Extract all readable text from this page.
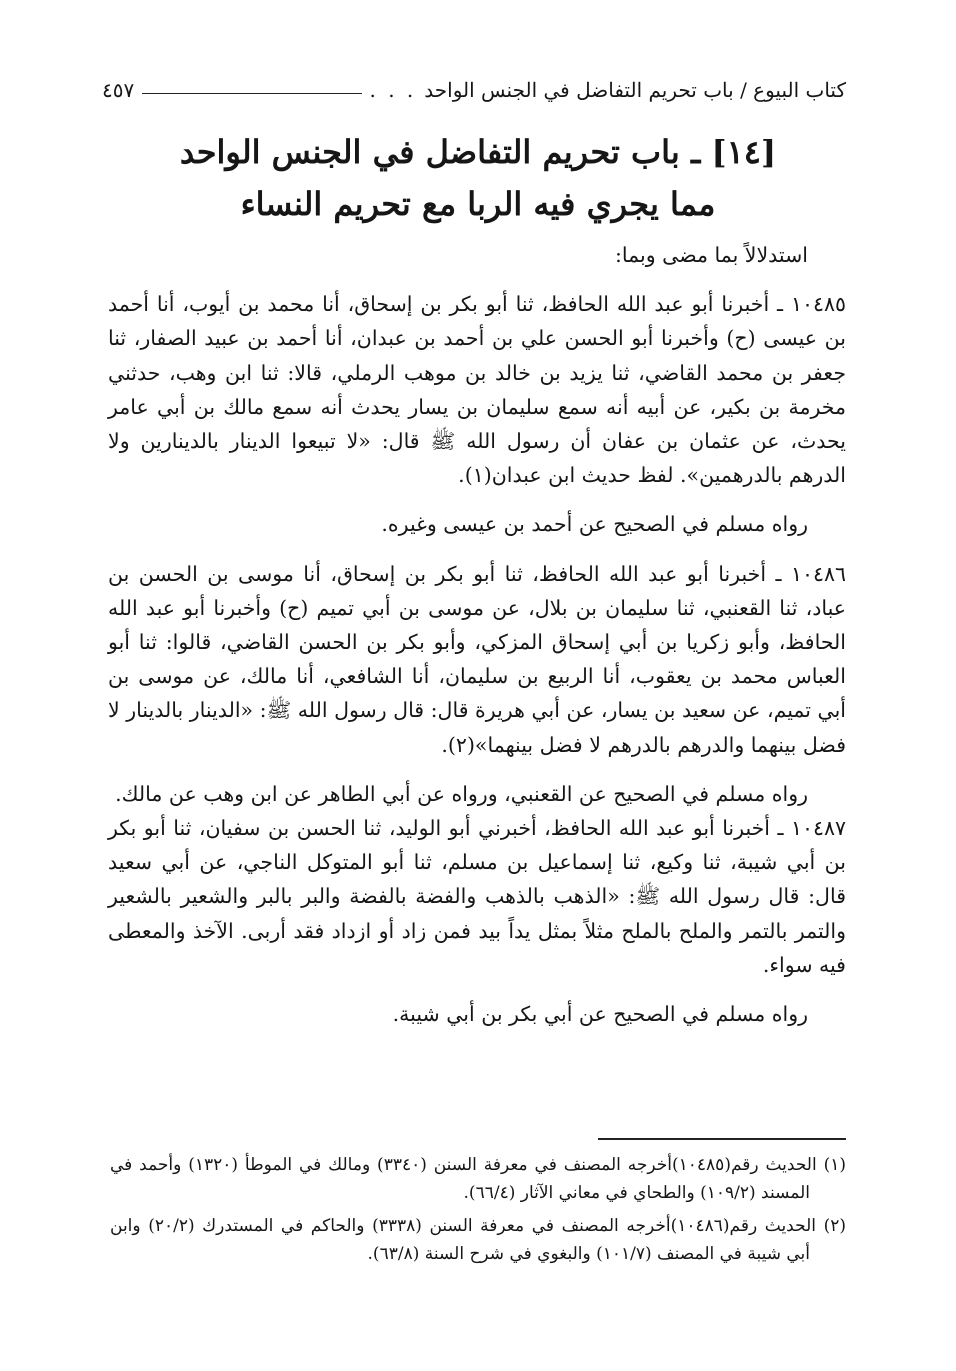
كتاب البيوع / باب تحريم التفاضل في الجنس الواحد
. . .
٤٥٧
[١٤] ـ باب تحريم التفاضل في الجنس الواحد
مما يجري فيه الربا مع تحريم النساء

استدلالاً بما مضى وبما:

١٠٤٨٥ ـ أخبرنا أبو عبد الله الحافظ، ثنا أبو بكر بن إسحاق، أنا محمد بن أيوب، أنا أحمد بن عيسى (ح) وأخبرنا أبو الحسن علي بن أحمد بن عبدان، أنا أحمد بن عبيد الصفار، ثنا جعفر بن محمد القاضي، ثنا يزيد بن خالد بن موهب الرملي، قالا: ثنا ابن وهب، حدثني مخرمة بن بكير، عن أبيه أنه سمع سليمان بن يسار يحدث أنه سمع مالك بن أبي عامر يحدث، عن عثمان بن عفان أن رسول الله ﷺ قال: «لا تبيعوا الدينار بالدينارين ولا الدرهم بالدرهمين». لفظ حديث ابن عبدان(١).

رواه مسلم في الصحيح عن أحمد بن عيسى وغيره.

١٠٤٨٦ ـ أخبرنا أبو عبد الله الحافظ، ثنا أبو بكر بن إسحاق، أنا موسى بن الحسن بن عباد، ثنا القعنبي، ثنا سليمان بن بلال، عن موسى بن أبي تميم (ح) وأخبرنا أبو عبد الله الحافظ، وأبو زكريا بن أبي إسحاق المزكي، وأبو بكر بن الحسن القاضي، قالوا: ثنا أبو العباس محمد بن يعقوب، أنا الربيع بن سليمان، أنا الشافعي، أنا مالك، عن موسى بن أبي تميم، عن سعيد بن يسار، عن أبي هريرة قال: قال رسول الله ﷺ: «الدينار بالدينار لا فضل بينهما والدرهم بالدرهم لا فضل بينهما»(٢).

رواه مسلم في الصحيح عن القعنبي، ورواه عن أبي الطاهر عن ابن وهب عن مالك.

١٠٤٨٧ ـ أخبرنا أبو عبد الله الحافظ، أخبرني أبو الوليد، ثنا الحسن بن سفيان، ثنا أبو بكر بن أبي شيبة، ثنا وكيع، ثنا إسماعيل بن مسلم، ثنا أبو المتوكل الناجي، عن أبي سعيد قال: قال رسول الله ﷺ: «الذهب بالذهب والفضة بالفضة والبر بالبر والشعير بالشعير والتمر بالتمر والملح بالملح مثلاً بمثل يداً بيد فمن زاد أو ازداد فقد أربى. الآخذ والمعطى فيه سواء.

رواه مسلم في الصحيح عن أبي بكر بن أبي شيبة.

(١) الحديث رقم(١٠٤٨٥)أخرجه المصنف في معرفة السنن (٣٣٤٠) ومالك في الموطأ (١٣٢٠) وأحمد في المسند (١٠٩/٢) والطحاي في معاني الآثار (٦٦/٤).

(٢) الحديث رقم(١٠٤٨٦)أخرجه المصنف في معرفة السنن (٣٣٣٨) والحاكم في المستدرك (٢٠/٢) وابن أبي شيبة في المصنف (١٠١/٧) والبغوي في شرح السنة (٦٣/٨).
